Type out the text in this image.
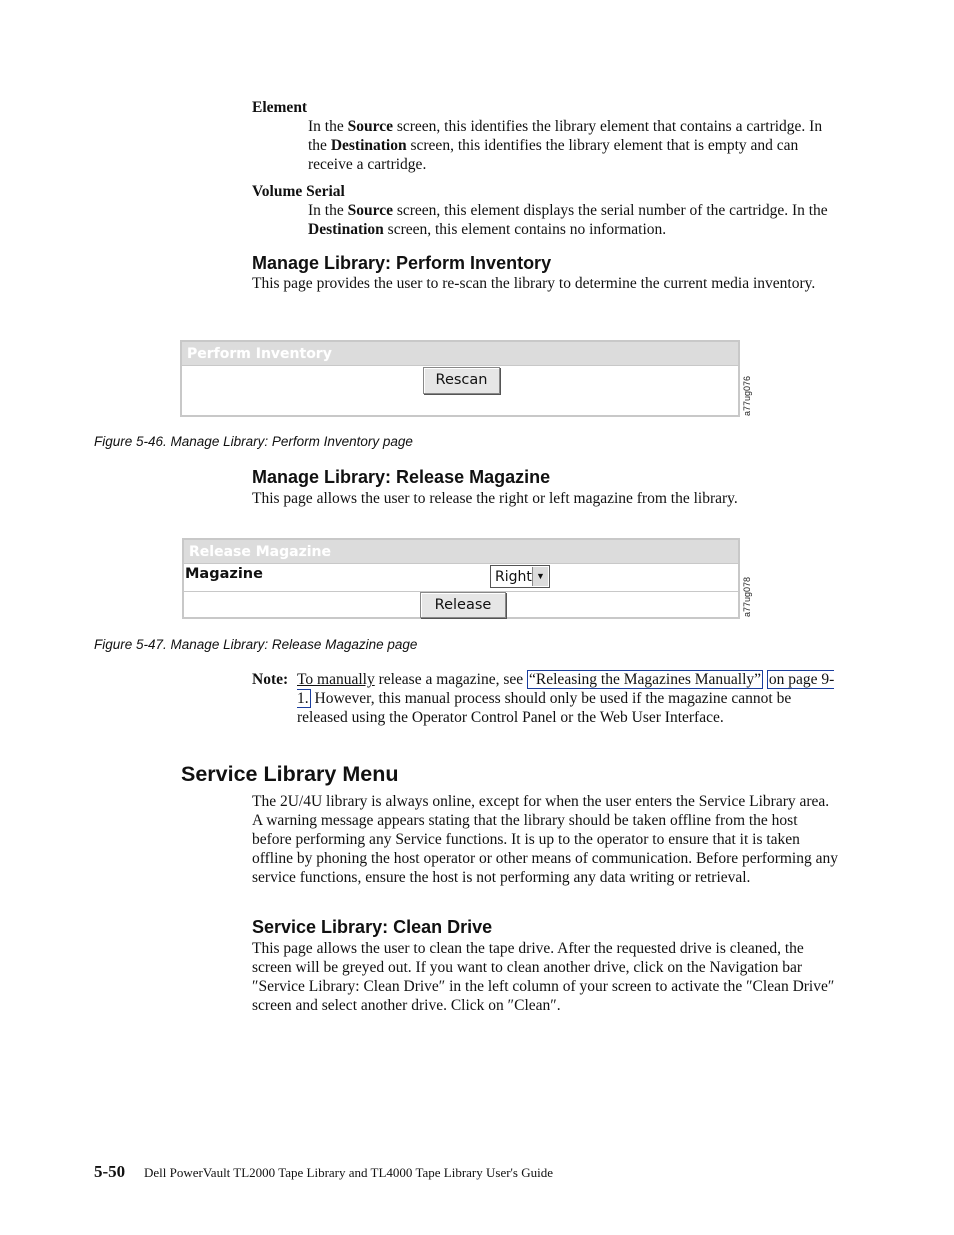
Element
In the Source screen, this identifies the library element that contains a cartridge. In the Destination screen, this identifies the library element that is empty and can receive a cartridge.
Volume Serial
In the Source screen, this element displays the serial number of the cartridge. In the Destination screen, this element contains no information.
Manage Library: Perform Inventory
This page provides the user to re-scan the library to determine the current media inventory.
Perform Inventory
Rescan	a77ug076
Figure 5-46. Manage Library: Perform Inventory page
Manage Library: Release Magazine
This page allows the user to release the right or left magazine from the library.
Release Magazine
Magazine	Right ▼
Release	a77ug078
Figure 5-47. Manage Library: Release Magazine page
Note: To manually release a magazine, see “Releasing the Magazines Manually” on page 9-1. However, this manual process should only be used if the magazine cannot be released using the Operator Control Panel or the Web User Interface.
Service Library Menu
The 2U/4U library is always online, except for when the user enters the Service Library area. A warning message appears stating that the library should be taken offline from the host before performing any Service functions. It is up to the operator to ensure that it is taken offline by phoning the host operator or other means of communication. Before performing any service functions, ensure the host is not performing any data writing or retrieval.
Service Library: Clean Drive
This page allows the user to clean the tape drive. After the requested drive is cleaned, the screen will be greyed out. If you want to clean another drive, click on the Navigation bar ″Service Library: Clean Drive″ in the left column of your screen to activate the ″Clean Drive″ screen and select another drive. Click on ″Clean″.
5-50 Dell PowerVault TL2000 Tape Library and TL4000 Tape Library User's Guide
